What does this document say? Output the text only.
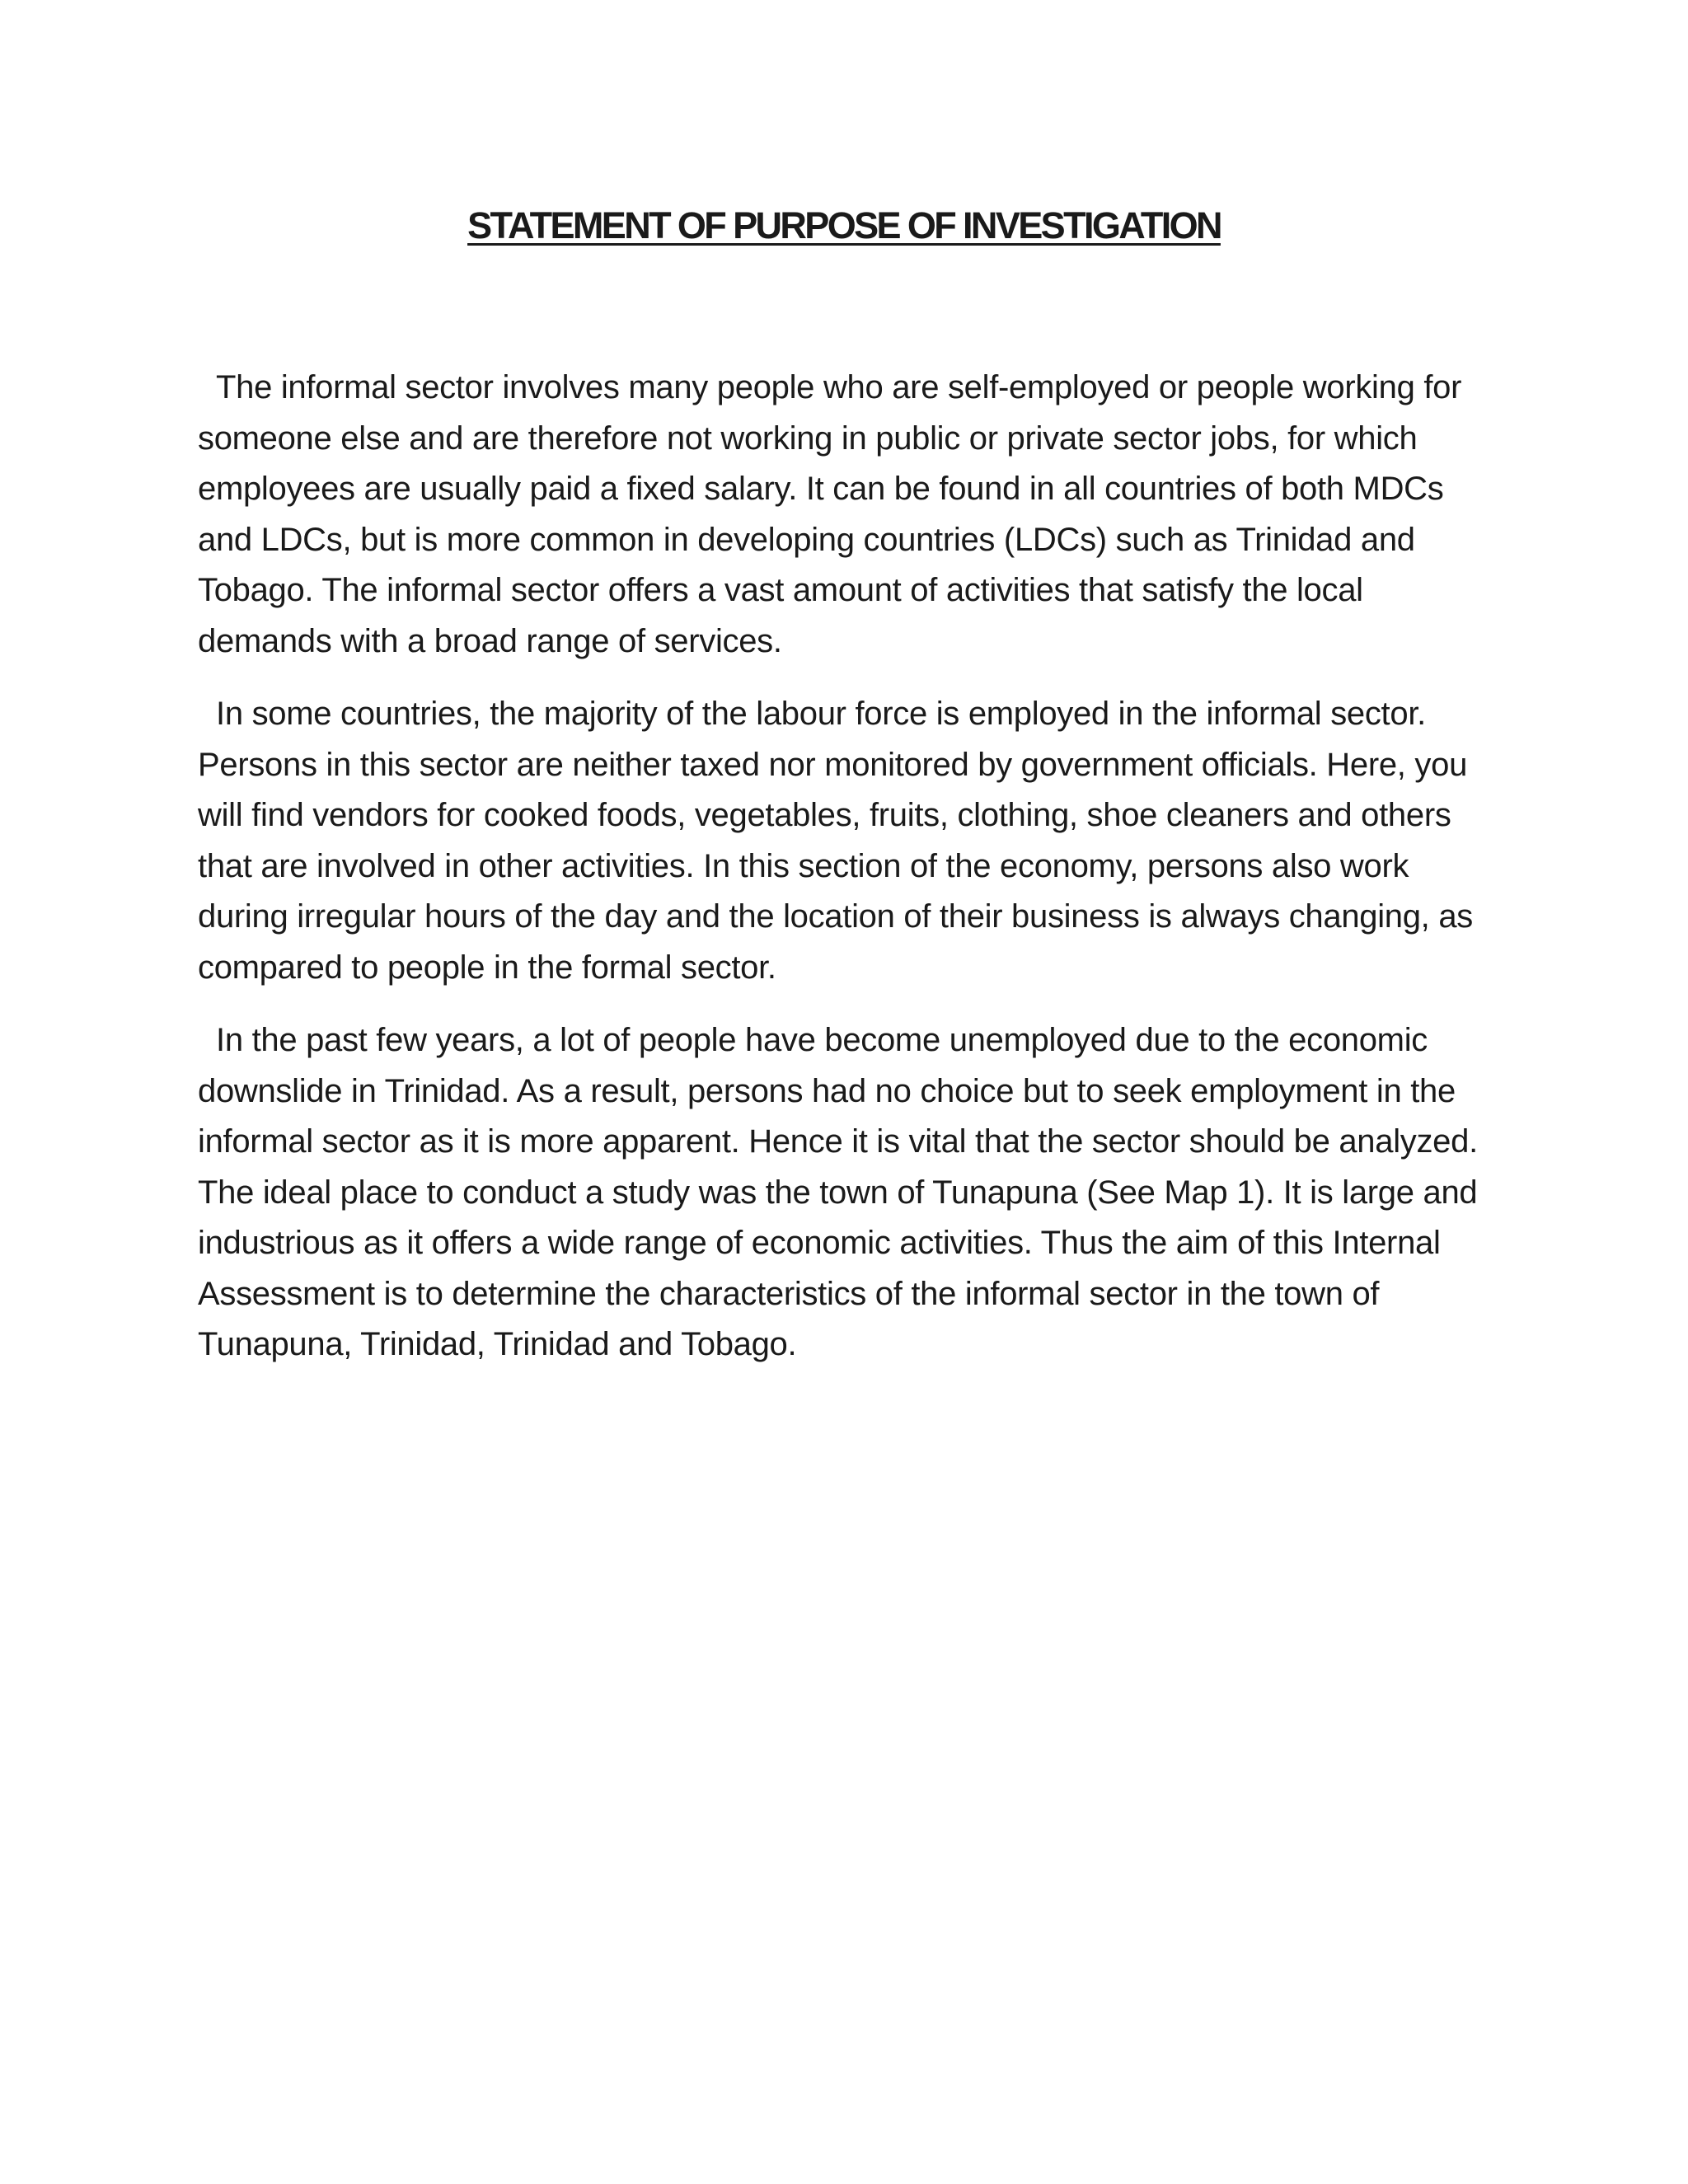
STATEMENT OF PURPOSE OF INVESTIGATION

The informal sector involves many people who are self-employed or people working for someone else and are therefore not working in public or private sector jobs, for which employees are usually paid a fixed salary. It can be found in all countries of both MDCs and LDCs, but is more common in developing countries (LDCs) such as Trinidad and Tobago. The informal sector offers a vast amount of activities that satisfy the local demands with a broad range of services.

In some countries, the majority of the labour force is employed in the informal sector. Persons in this sector are neither taxed nor monitored by government officials. Here, you will find vendors for cooked foods, vegetables, fruits, clothing, shoe cleaners and others that are involved in other activities. In this section of the economy, persons also work during irregular hours of the day and the location of their business is always changing, as compared to people in the formal sector.

In the past few years, a lot of people have become unemployed due to the economic downslide in Trinidad. As a result, persons had no choice but to seek employment in the informal sector as it is more apparent. Hence it is vital that the sector should be analyzed. The ideal place to conduct a study was the town of Tunapuna (See Map 1). It is large and industrious as it offers a wide range of economic activities. Thus the aim of this Internal Assessment is to determine the characteristics of the informal sector in the town of Tunapuna, Trinidad, Trinidad and Tobago.
